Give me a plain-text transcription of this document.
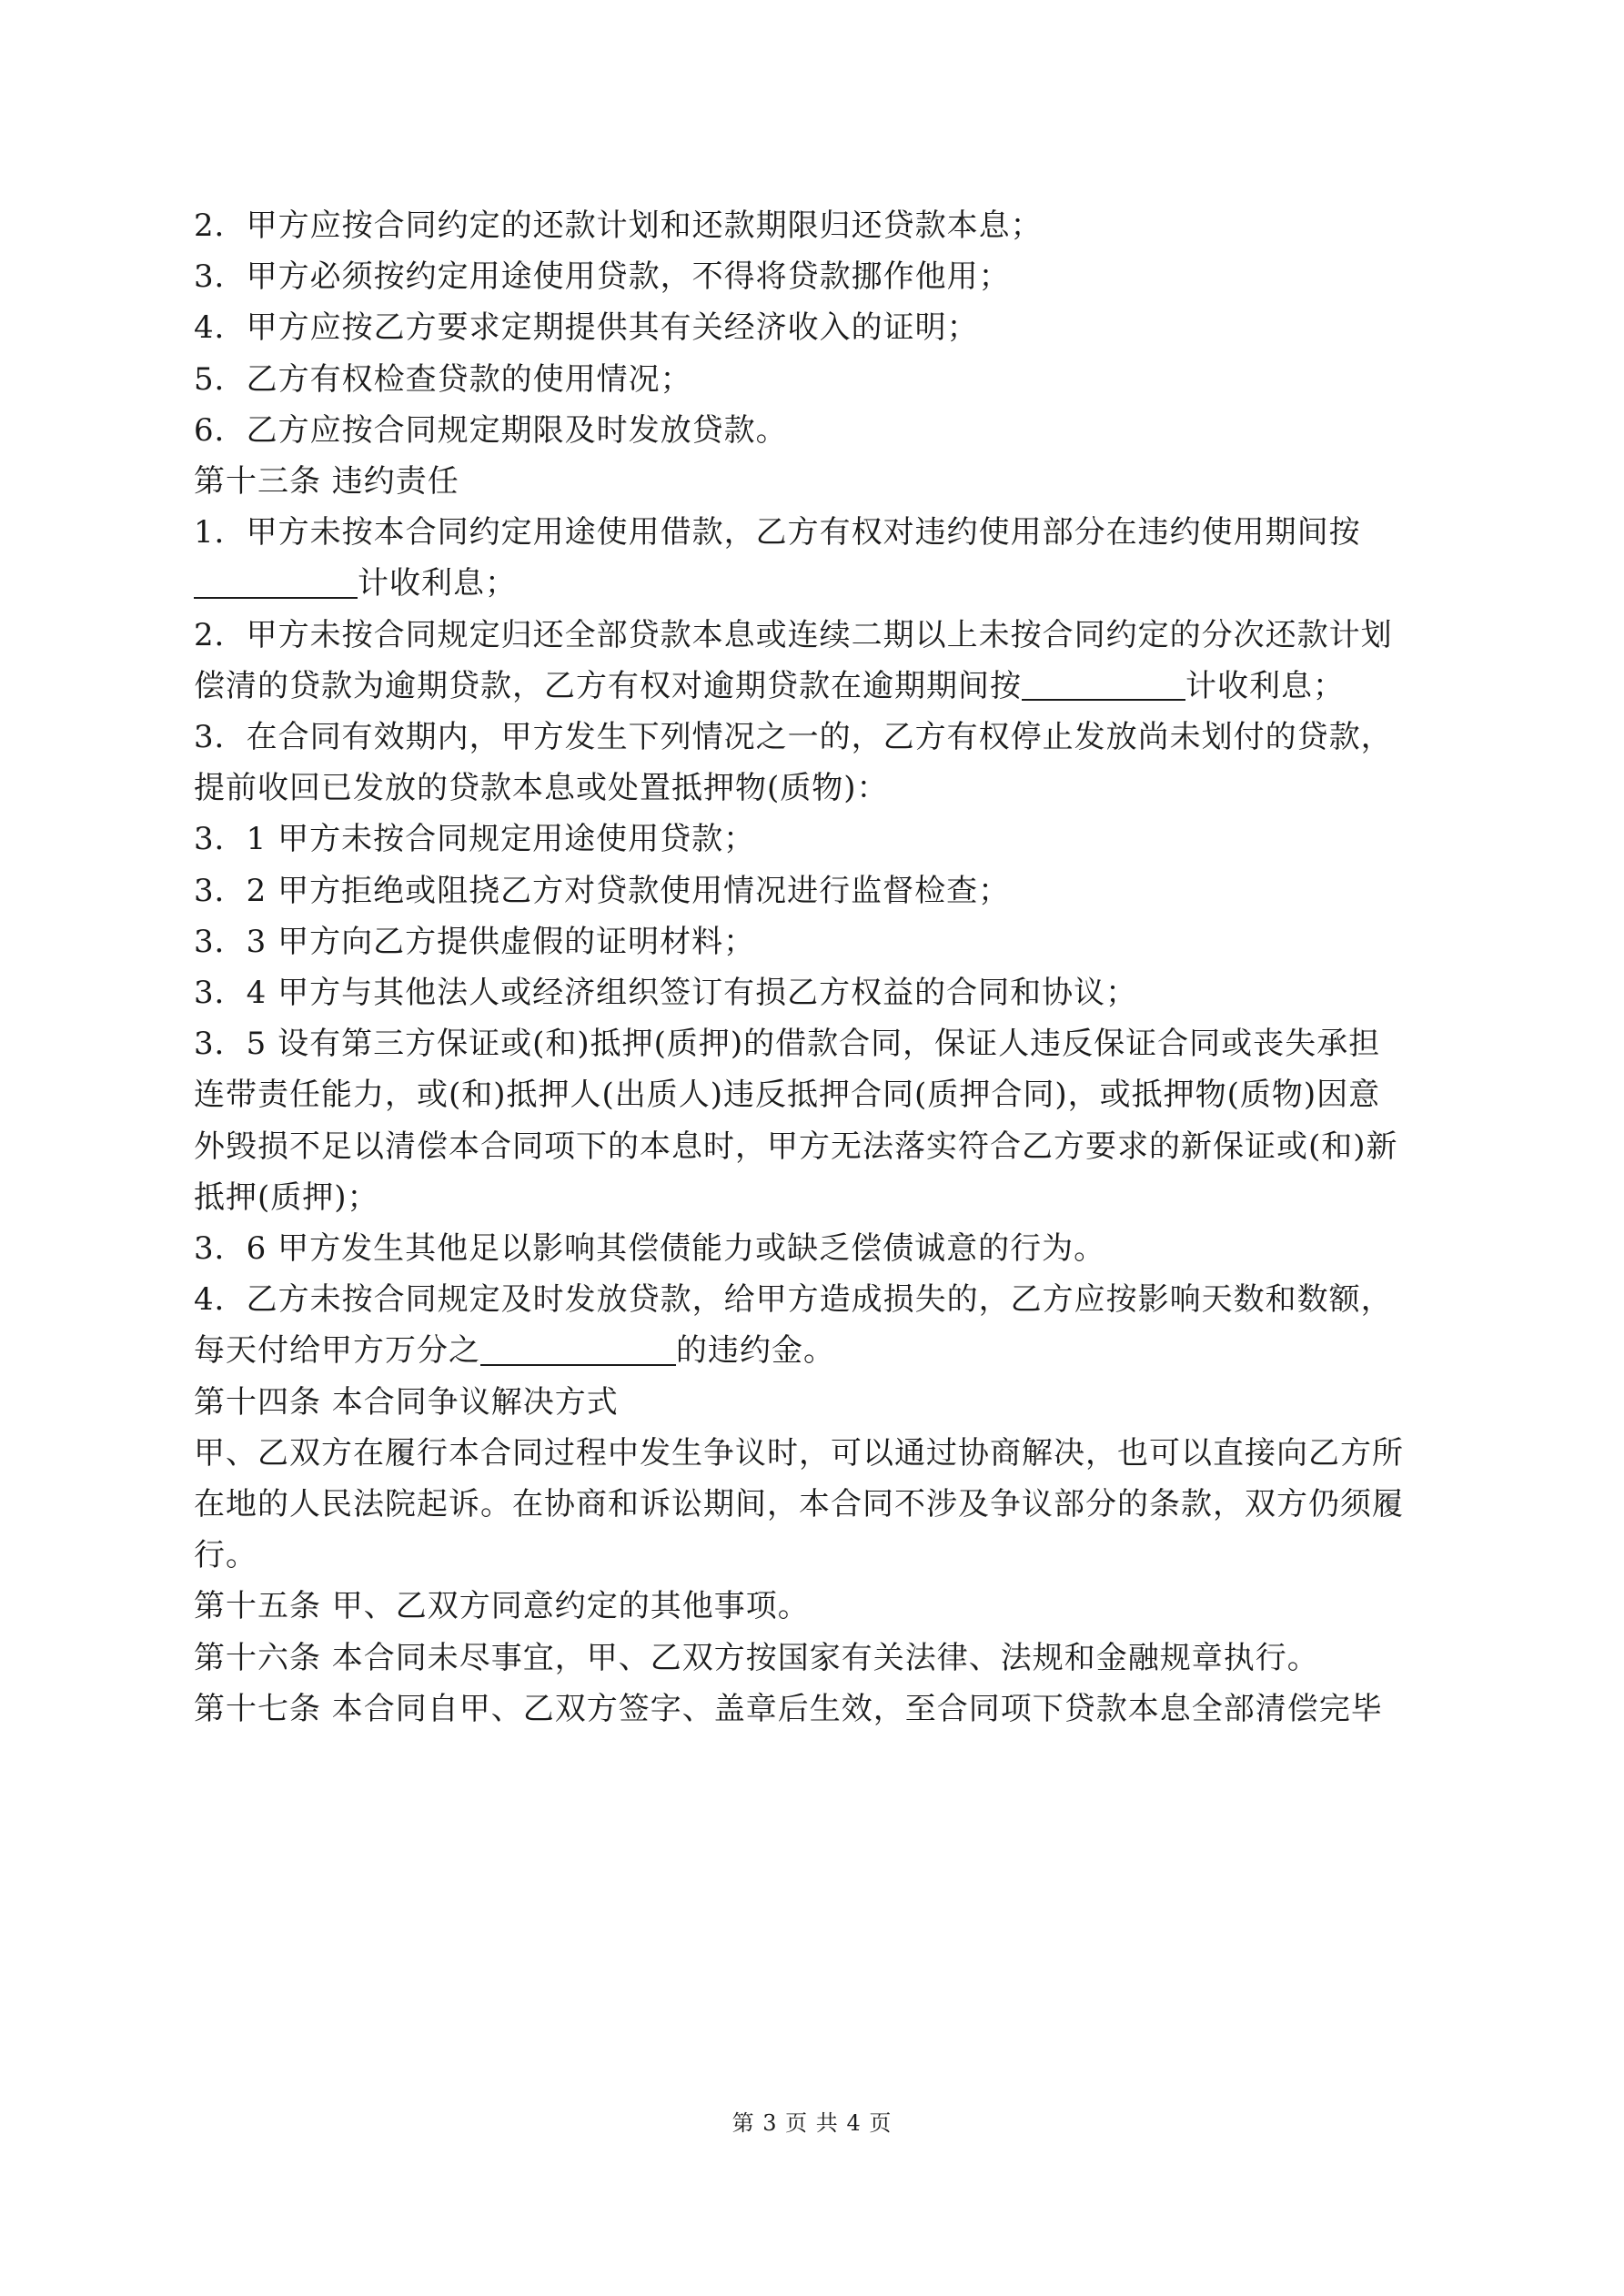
2．甲方应按合同约定的还款计划和还款期限归还贷款本息；
3．甲方必须按约定用途使用贷款，不得将贷款挪作他用；
4．甲方应按乙方要求定期提供其有关经济收入的证明；
5．乙方有权检查贷款的使用情况；
6．乙方应按合同规定期限及时发放贷款。
第十三条 违约责任
1．甲方未按本合同约定用途使用借款，乙方有权对违约使用部分在违约使用期间按
计收利息；
2．甲方未按合同规定归还全部贷款本息或连续二期以上未按合同约定的分次还款计划
偿清的贷款为逾期贷款，乙方有权对逾期贷款在逾期期间按	计收利息；
3．在合同有效期内，甲方发生下列情况之一的，乙方有权停止发放尚未划付的贷款，
提前收回已发放的贷款本息或处置抵押物(质物)：
3．1 甲方未按合同规定用途使用贷款；
3．2 甲方拒绝或阻挠乙方对贷款使用情况进行监督检查；
3．3 甲方向乙方提供虚假的证明材料；
3．4 甲方与其他法人或经济组织签订有损乙方权益的合同和协议；
3．5 设有第三方保证或(和)抵押(质押)的借款合同，保证人违反保证合同或丧失承担
连带责任能力，或(和)抵押人(出质人)违反抵押合同(质押合同)，或抵押物(质物)因意
外毁损不足以清偿本合同项下的本息时，甲方无法落实符合乙方要求的新保证或(和)新
抵押(质押)；
3．6 甲方发生其他足以影响其偿债能力或缺乏偿债诚意的行为。
4．乙方未按合同规定及时发放贷款，给甲方造成损失的，乙方应按影响天数和数额，
每天付给甲方万分之	的违约金。
第十四条 本合同争议解决方式
甲、乙双方在履行本合同过程中发生争议时，可以通过协商解决，也可以直接向乙方所
在地的人民法院起诉。在协商和诉讼期间，本合同不涉及争议部分的条款，双方仍须履
行。
第十五条 甲、乙双方同意约定的其他事项。
第十六条 本合同未尽事宜，甲、乙双方按国家有关法律、法规和金融规章执行。
第十七条 本合同自甲、乙双方签字、盖章后生效，至合同项下贷款本息全部清偿完毕
第 3 页 共 4 页
